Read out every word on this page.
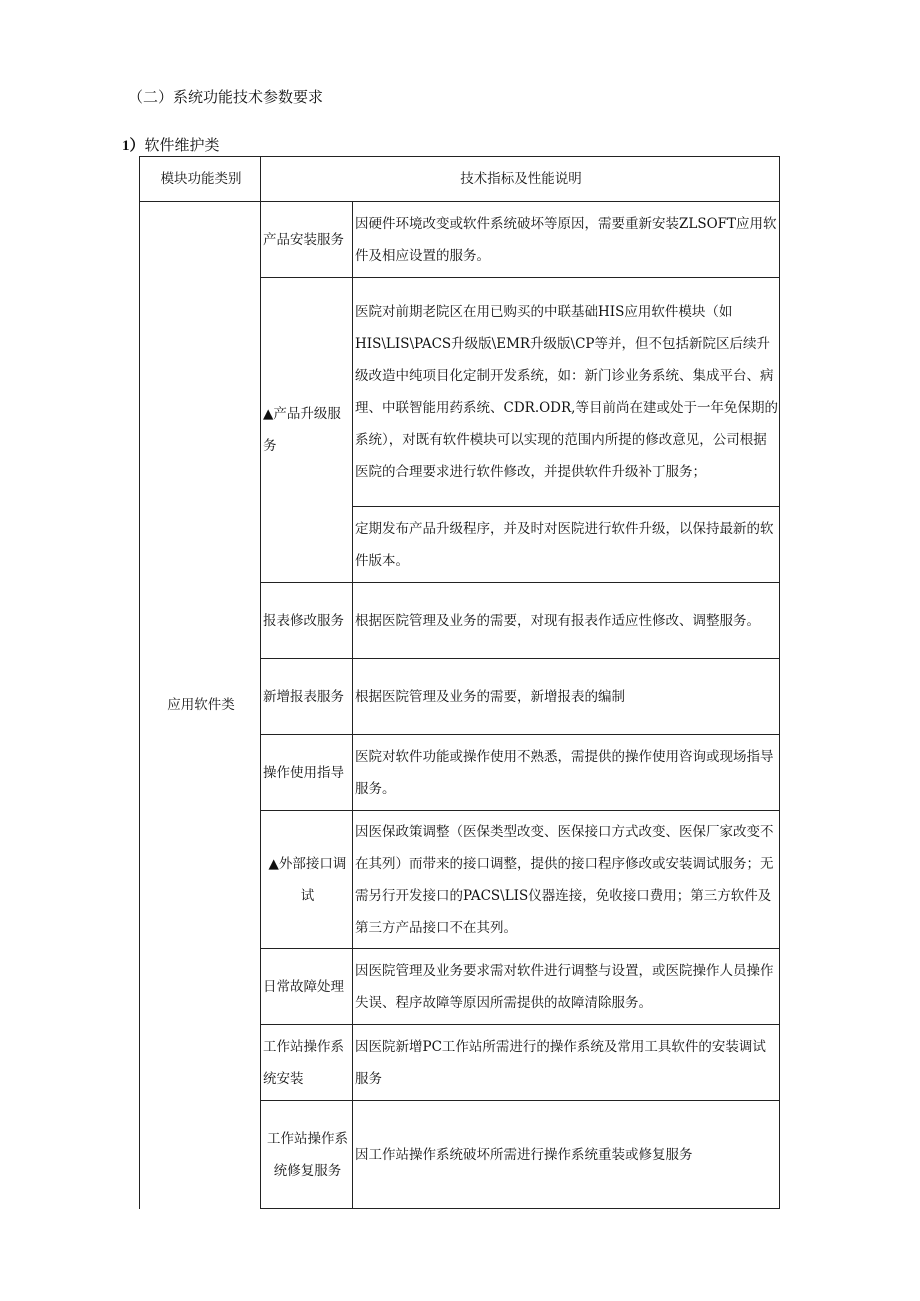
（二）系统功能技术参数要求
1）软件维护类
模块功能类别	技术指标及性能说明	
应用软件类	产品安装服务	因硬件环境改变或软件系统破坏等原因，需要重新安装ZLSOFT应用软件及相应设置的服务。
	▲产品升级服务	医院对前期老院区在用已购买的中联基础HIS应用软件模块（如HIS\LIS\PACS升级版\EMR升级版\CP等并，但不包括新院区后续升级改造中纯项目化定制开发系统，如：新门诊业务系统、集成平台、病理、中联智能用药系统、CDR.ODR,等目前尚在建或处于一年免保期的系统），对既有软件模块可以实现的范围内所提的修改意见，公司根据医院的合理要求进行软件修改，并提供软件升级补丁服务；
		定期发布产品升级程序，并及时对医院进行软件升级，以保持最新的软件版本。
	报表修改服务	根据医院管理及业务的需要，对现有报表作适应性修改、调整服务。
	新增报表服务	根据医院管理及业务的需要，新增报表的编制
	操作使用指导	医院对软件功能或操作使用不熟悉，需提供的操作使用咨询或现场指导服务。
	▲外部接口调试	因医保政策调整（医保类型改变、医保接口方式改变、医保厂家改变不在其列）而带来的接口调整，提供的接口程序修改或安装调试服务；无需另行开发接口的PACS\LIS仪器连接，免收接口费用；第三方软件及第三方产品接口不在其列。
	日常故障处理	因医院管理及业务要求需对软件进行调整与设置，或医院操作人员操作失误、程序故障等原因所需提供的故障清除服务。
	工作站操作系统安装	因医院新增PC工作站所需进行的操作系统及常用工具软件的安装调试服务
	工作站操作系统修复服务	因工作站操作系统破坏所需进行操作系统重装或修复服务
